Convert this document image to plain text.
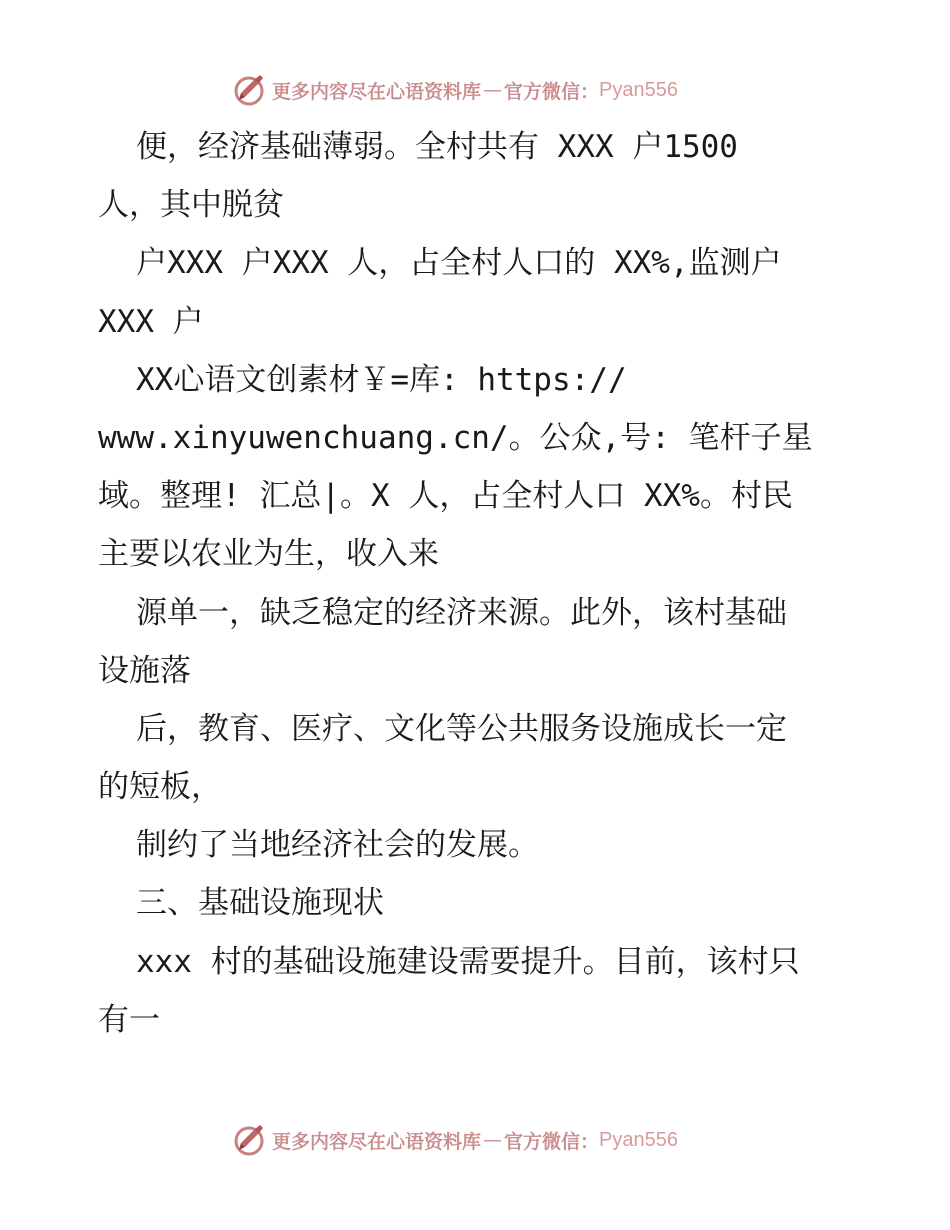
更多内容尽在心语资料库 — 官方微信： Pyan556
便，经济基础薄弱。全村共有 XXX 户1500
人，其中脱贫
户XXX 户XXX 人，占全村人口的 XX%,监测户
XXX 户
XX心语文创素材￥=库: https://
www.xinyuwenchuang.cn/。公众,号: 笔杆子星
域。整理! 汇总|。X 人，占全村人口 XX%。村民
主要以农业为生，收入来
源单一，缺乏稳定的经济来源。此外，该村基础
设施落
后，教育、医疗、文化等公共服务设施成长一定
的短板，
制约了当地经济社会的发展。
三、基础设施现状
xxx 村的基础设施建设需要提升。目前，该村只
有一
更多内容尽在心语资料库 — 官方微信： Pyan556
